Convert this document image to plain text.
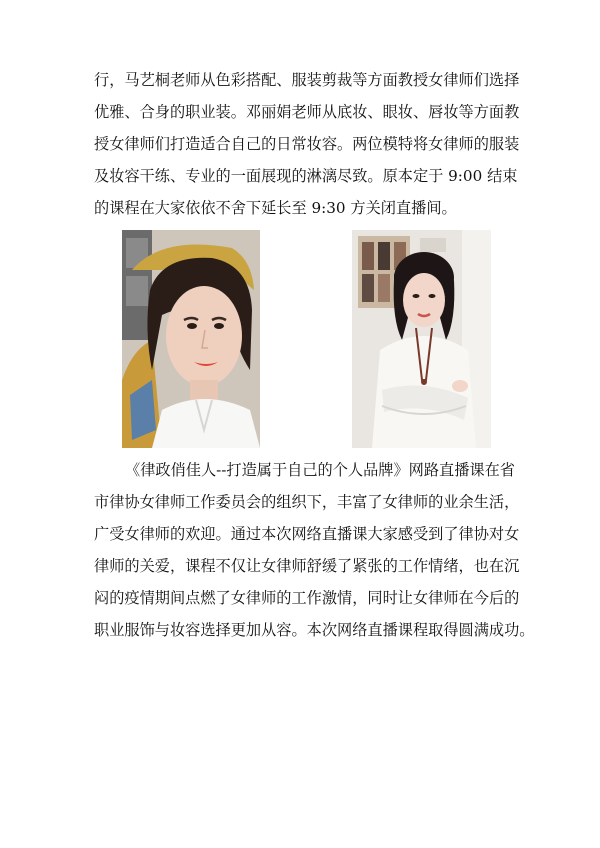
行，马艺桐老师从色彩搭配、服装剪裁等方面教授女律师们选择
优雅、合身的职业装。邓丽娟老师从底妆、眼妆、唇妆等方面教
授女律师们打造适合自己的日常妆容。两位模特将女律师的服装
及妆容干练、专业的一面展现的淋漓尽致。原本定于 9:00 结束
的课程在大家依依不舍下延长至 9:30 方关闭直播间。
《律政俏佳人--打造属于自己的个人品牌》网路直播课在省
市律协女律师工作委员会的组织下，丰富了女律师的业余生活，
广受女律师的欢迎。通过本次网络直播课大家感受到了律协对女
律师的关爱，课程不仅让女律师舒缓了紧张的工作情绪，也在沉
闷的疫情期间点燃了女律师的工作激情，同时让女律师在今后的
职业服饰与妆容选择更加从容。本次网络直播课程取得圆满成功。
